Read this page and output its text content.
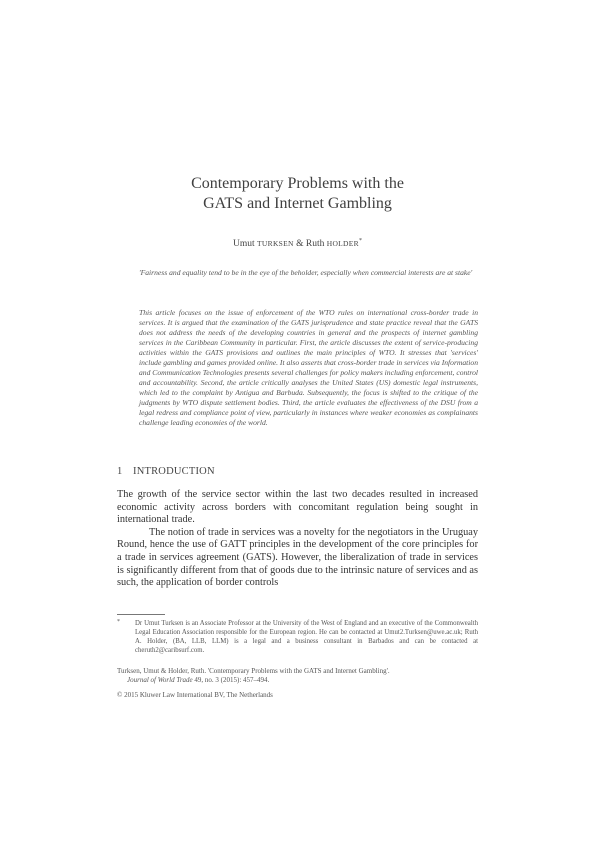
Contemporary Problems with the
GATS and Internet Gambling
Umut TURKSEN & Ruth HOLDER*
'Fairness and equality tend to be in the eye of the beholder, especially when commercial interests are at stake'
This article focuses on the issue of enforcement of the WTO rules on international cross-border trade in services. It is argued that the examination of the GATS jurisprudence and state practice reveal that the GATS does not address the needs of the developing countries in general and the prospects of internet gambling services in the Caribbean Community in particular. First, the article discusses the extent of service-producing activities within the GATS provisions and outlines the main principles of WTO. It stresses that 'services' include gambling and games provided online. It also asserts that cross-border trade in services via Information and Communication Technologies presents several challenges for policy makers including enforcement, control and accountability. Second, the article critically analyses the United States (US) domestic legal instruments, which led to the complaint by Antigua and Barbuda. Subsequently, the focus is shifted to the critique of the judgments by WTO dispute settlement bodies. Third, the article evaluates the effectiveness of the DSU from a legal redress and compliance point of view, particularly in instances where weaker economies as complainants challenge leading economies of the world.
1 INTRODUCTION

The growth of the service sector within the last two decades resulted in increased economic activity across borders with concomitant regulation being sought in international trade.

The notion of trade in services was a novelty for the negotiators in the Uruguay Round, hence the use of GATT principles in the development of the core principles for a trade in services agreement (GATS). However, the liberalization of trade in services is significantly different from that of goods due to the intrinsic nature of services and as such, the application of border controls

*	Dr Umut Turksen is an Associate Professor at the University of the West of England and an executive of the Commonwealth Legal Education Association responsible for the European region. He can be contacted at Umut2.Turksen@uwe.ac.uk; Ruth A. Holder, (BA, LLB, LLM) is a legal and a business consultant in Barbados and can be contacted at cheruth2@caribsurf.com.
Turksen, Umut & Holder, Ruth. 'Contemporary Problems with the GATS and Internet Gambling'.
Journal of World Trade 49, no. 3 (2015): 457–494.
© 2015 Kluwer Law International BV, The Netherlands
